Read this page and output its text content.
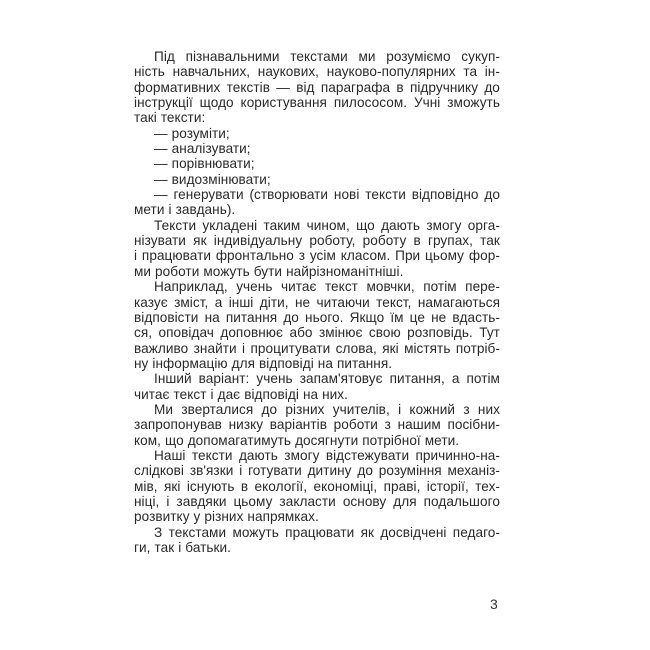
Під пізнавальними текстами ми розуміємо сукуп-
ність навчальних, наукових, науково-популярних та ін-
формативних текстів — від параграфа в підручнику до
інструкції щодо користування пилососом. Учні зможуть
такі тексти:
— розуміти;
— аналізувати;
— порівнювати;
— видозмінювати;
— генерувати (створювати нові тексти відповідно до
мети і завдань).
Тексти укладені таким чином, що дають змогу орга-
нізувати як індивідуальну роботу, роботу в групах, так
і працювати фронтально з усім класом. При цьому фор-
ми роботи можуть бути найрізноманітніші.
Наприклад, учень читає текст мовчки, потім пере-
казує зміст, а інші діти, не читаючи текст, намагаються
відповісти на питання до нього. Якщо їм це не вдасть-
ся, оповідач доповнює або змінює свою розповідь. Тут
важливо знайти і процитувати слова, які містять потріб-
ну інформацію для відповіді на питання.
Інший варіант: учень запам'ятовує питання, а потім
читає текст і дає відповіді на них.
Ми зверталися до різних учителів, і кожний з них
запропонував низку варіантів роботи з нашим посібни-
ком, що допомагатимуть досягнути потрібної мети.
Наші тексти дають змогу відстежувати причинно-на-
слідкові зв'язки і готувати дитину до розуміння механіз-
мів, які існують в екології, економіці, праві, історії, тех-
ніці, і завдяки цьому закласти основу для подальшого
розвитку у різних напрямках.
З текстами можуть працювати як досвідчені педаго-
ги, так і батьки.
3
